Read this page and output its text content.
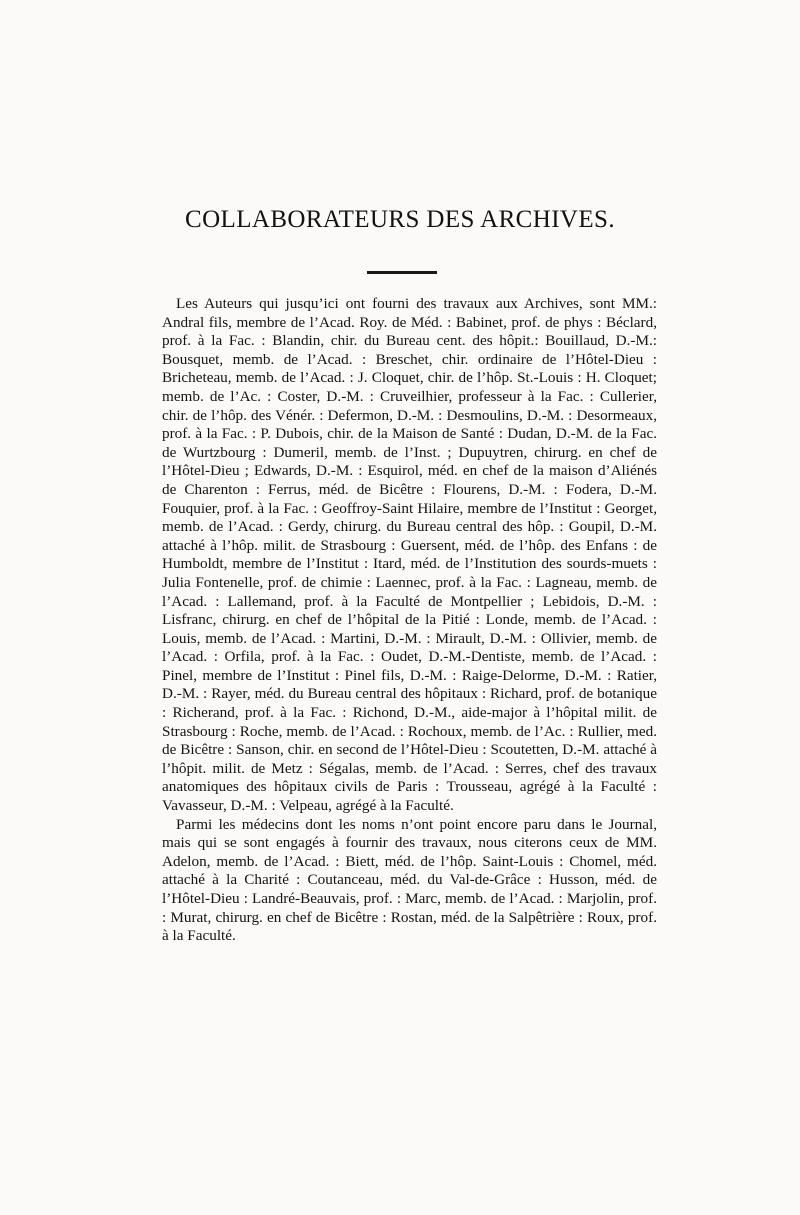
COLLABORATEURS DES ARCHIVES.

Les Auteurs qui jusqu’ici ont fourni des travaux aux Archives, sont MM.: Andral fils, membre de l’Acad. Roy. de Méd. : Babinet, prof. de phys : Béclard, prof. à la Fac. : Blandin, chir. du Bureau cent. des hôpit.: Bouillaud, D.-M.: Bousquet, memb. de l’Acad. : Breschet, chir. ordinaire de l’Hôtel-Dieu : Bricheteau, memb. de l’Acad. : J. Cloquet, chir. de l’hôp. St.-Louis : H. Cloquet; memb. de l’Ac. : Coster, D.-M. : Cruveilhier, professeur à la Fac. : Cullerier, chir. de l’hôp. des Vénér. : Defermon, D.-M. : Desmoulins, D.-M. : Desormeaux, prof. à la Fac. : P. Dubois, chir. de la Maison de Santé : Dudan, D.-M. de la Fac. de Wurtzbourg : Dumeril, memb. de l’Inst. ; Dupuytren, chirurg. en chef de l’Hôtel-Dieu ; Edwards, D.-M. : Esquirol, méd. en chef de la maison d’Aliénés de Charenton : Ferrus, méd. de Bicêtre : Flourens, D.-M. : Fodera, D.-M. Fouquier, prof. à la Fac. : Geoffroy-Saint Hilaire, membre de l’Institut : Georget, memb. de l’Acad. : Gerdy, chirurg. du Bureau central des hôp. : Goupil, D.-M. attaché à l’hôp. milit. de Strasbourg : Guersent, méd. de l’hôp. des Enfans : de Humboldt, membre de l’Institut : Itard, méd. de l’Institution des sourds-muets : Julia Fontenelle, prof. de chimie : Laennec, prof. à la Fac. : Lagneau, memb. de l’Acad. : Lallemand, prof. à la Faculté de Montpellier ; Lebidois, D.-M. : Lisfranc, chirurg. en chef de l’hôpital de la Pitié : Londe, memb. de l’Acad. : Louis, memb. de l’Acad. : Martini, D.-M. : Mirault, D.-M. : Ollivier, memb. de l’Acad. : Orfila, prof. à la Fac. : Oudet, D.-M.-Dentiste, memb. de l’Acad. : Pinel, membre de l’Institut : Pinel fils, D.-M. : Raige-Delorme, D.-M. : Ratier, D.-M. : Rayer, méd. du Bureau central des hôpitaux : Richard, prof. de botanique : Richerand, prof. à la Fac. : Richond, D.-M., aide-major à l’hôpital milit. de Strasbourg : Roche, memb. de l’Acad. : Rochoux, memb. de l’Ac. : Rullier, med. de Bicêtre : Sanson, chir. en second de l’Hôtel-Dieu : Scoutetten, D.-M. attaché à l’hôpit. milit. de Metz : Ségalas, memb. de l’Acad. : Serres, chef des travaux anatomiques des hôpitaux civils de Paris : Trousseau, agrégé à la Faculté : Vavasseur, D.-M. : Velpeau, agrégé à la Faculté.

Parmi les médecins dont les noms n’ont point encore paru dans le Journal, mais qui se sont engagés à fournir des travaux, nous citerons ceux de MM. Adelon, memb. de l’Acad. : Biett, méd. de l’hôp. Saint-Louis : Chomel, méd. attaché à la Charité : Coutanceau, méd. du Val-de-Grâce : Husson, méd. de l’Hôtel-Dieu : Landré-Beauvais, prof. : Marc, memb. de l’Acad. : Marjolin, prof. : Murat, chirurg. en chef de Bicêtre : Rostan, méd. de la Salpêtrière : Roux, prof. à la Faculté.
